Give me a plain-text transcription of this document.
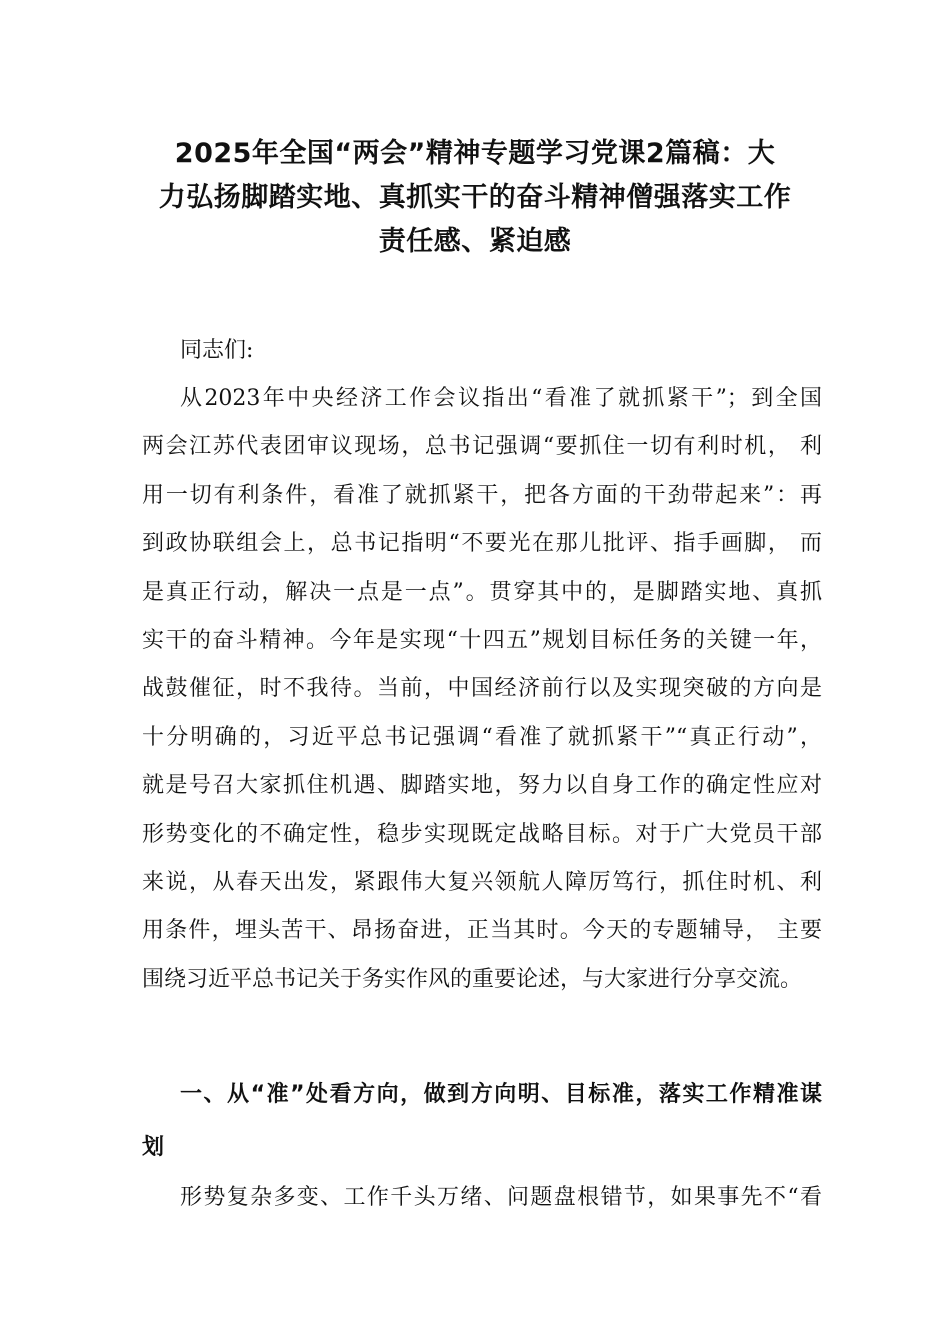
2025年全国“两会”精神专题学习党课2篇稿：大
力弘扬脚踏实地、真抓实干的奋斗精神僧强落实工作
责任感、紧迫感
同志们:

从2023年中央经济工作会议指出“看准了就抓紧干”；到全国
两会江苏代表团审议现场，总书记强调“要抓住一切有利时机， 利
用一切有利条件，看准了就抓紧干，把各方面的干劲带起来”：再
到政协联组会上，总书记指明“不要光在那儿批评、指手画脚， 而
是真正行动，解决一点是一点”。贯穿其中的，是脚踏实地、真抓
实干的奋斗精神。今年是实现“十四五”规划目标任务的关键一年，
战鼓催征，时不我待。当前，中国经济前行以及实现突破的方向是
十分明确的，习近平总书记强调“看准了就抓紧干”“真正行动”，
就是号召大家抓住机遇、脚踏实地，努力以自身工作的确定性应对
形势变化的不确定性，稳步实现既定战略目标。对于广大党员干部
来说，从春天出发，紧跟伟大复兴领航人障厉笃行，抓住时机、利
用条件，埋头苦干、昂扬奋进，正当其时。今天的专题辅导， 主要
围绕习近平总书记关于务实作风的重要论述，与大家进行分享交流。

一、从“准”处看方向，做到方向明、目标准，落实工作精准谋
划

形势复杂多变、工作千头万绪、问题盘根错节，如果事先不“看
